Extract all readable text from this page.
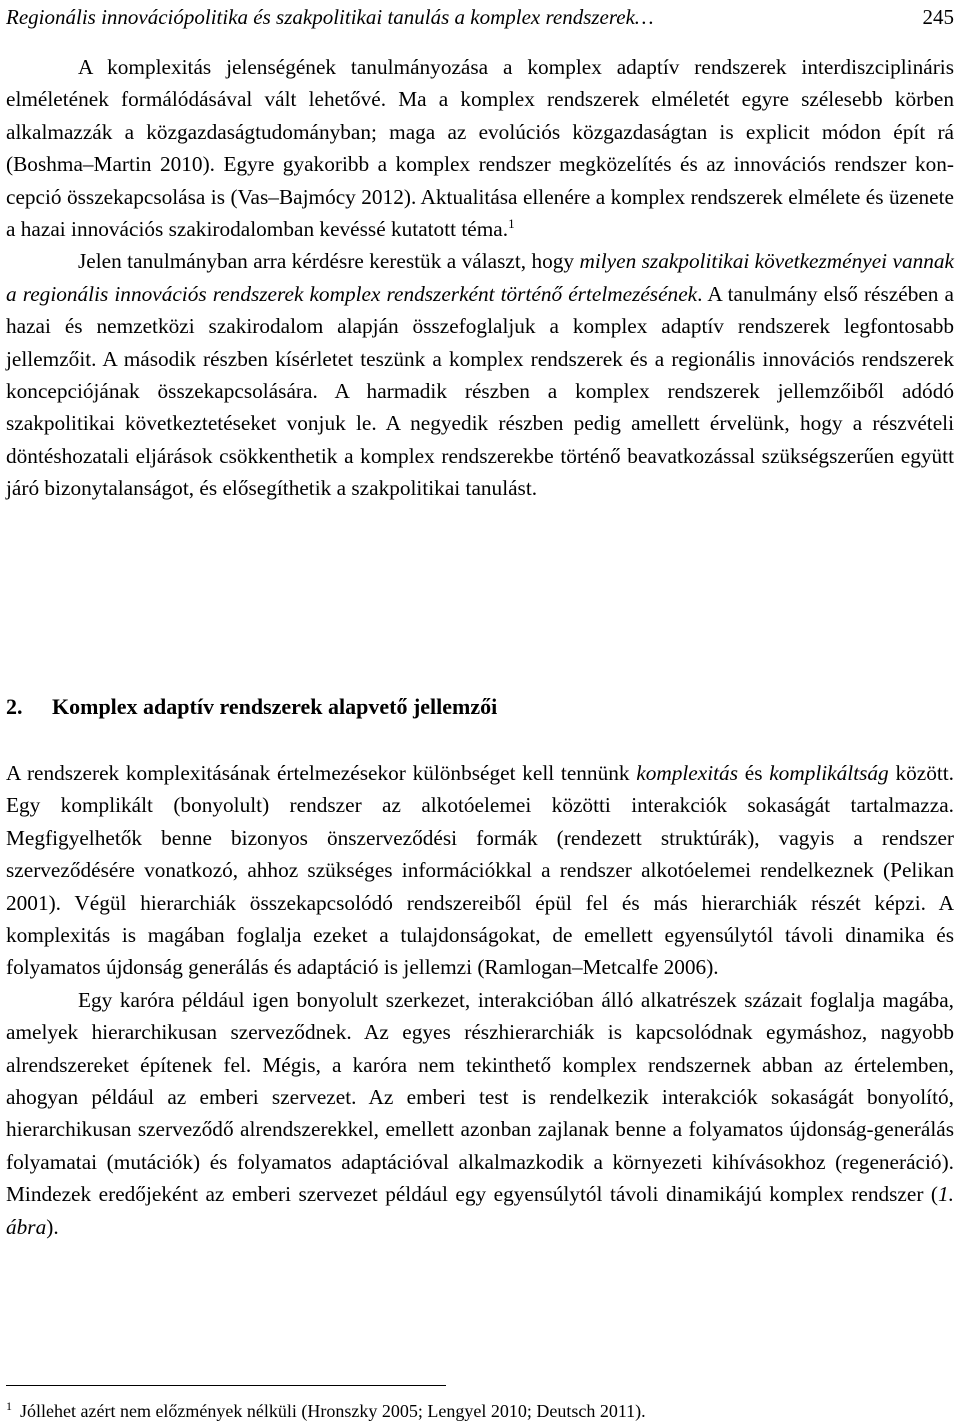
Regionális innovációpolitika és szakpolitikai tanulás a komplex rendszerek…	245

A komplexitás jelenségének tanulmányozása a komplex adaptív rendszerek interdiszciplináris elméletének formálódásával vált lehetővé. Ma a komplex rendszerek elméletét egyre szélesebb körben alkalmazzák a közgazdaságtudományban; maga az evolúciós közgazdaságtan is explicit módon épít rá (Boshma–Martin 2010). Egyre gyakoribb a komplex rendszer megközelítés és az innovációs rendszer koncepció összekapcsolása is (Vas–Bajmócy 2012). Aktualitása ellenére a komplex rendszerek elmélete és üzenete a hazai innovációs szakirodalomban kevéssé kutatott téma.$^1$

Jelen tanulmányban arra kérdésre kerestük a választ, hogy milyen szakpolitikai következményei vannak a regionális innovációs rendszerek komplex rendszerként történő értelmezésének. A tanulmány első részében a hazai és nemzetközi szakirodalom alapján összefoglaljuk a komplex adaptív rendszerek legfontosabb jellemzőit. A második részben kísérletet teszünk a komplex rendszerek és a regionális innovációs rendszerek koncepciójának összekapcsolására. A harmadik részben a komplex rendszerek jellemzőiből adódó szakpolitikai következtetéseket vonjuk le. A negyedik részben pedig amellett érvelünk, hogy a részvételi döntéshozatali eljárások csökkenthetik a komplex rendszerekbe történő beavatkozással szükségszerűen együtt járó bizonytalanságot, és elősegíthetik a szakpolitikai tanulást.

2.	Komplex adaptív rendszerek alapvető jellemzői

A rendszerek komplexitásának értelmezésekor különbséget kell tennünk komplexitás és komplikáltság között. Egy komplikált (bonyolult) rendszer az alkotóelemei közötti interakciók sokaságát tartalmazza. Megfigyelhetők benne bizonyos önszerveződési formák (rendezett struktúrák), vagyis a rendszer szerveződésére vonatkozó, ahhoz szükséges információkkal a rendszer alkotóelemei rendelkeznek (Pelikan 2001). Végül hierarchiák összekapcsolódó rendszereiből épül fel és más hierarchiák részét képzi. A komplexitás is magában foglalja ezeket a tulajdonságokat, de emellett egyensúlytól távoli dinamika és folyamatos újdonság generálás és adaptáció is jellemzi (Ramlogan–Metcalfe 2006).

Egy karóra például igen bonyolult szerkezet, interakcióban álló alkatrészek százait foglalja magába, amelyek hierarchikusan szerveződnek. Az egyes részhierarchiák is kapcsolódnak egymáshoz, nagyobb alrendszereket építenek fel. Mégis, a karóra nem tekinthető komplex rendszernek abban az értelemben, ahogyan például az emberi szervezet. Az emberi test is rendelkezik interakciók sokaságát bonyolító, hierarchikusan szerveződő alrendszerekkel, emellett azonban zajlanak benne a folyamatos újdonság-generálás folyamatai (mutációk) és folyamatos adaptációval alkalmazkodik a környezeti kihívásokhoz (regeneráció). Mindezek eredőjeként az emberi szervezet például egy egyensúlytól távoli dinamikájú komplex rendszer (1. ábra).

$^1$ Jóllehet azért nem előzmények nélküli (Hronszky 2005; Lengyel 2010; Deutsch 2011).
